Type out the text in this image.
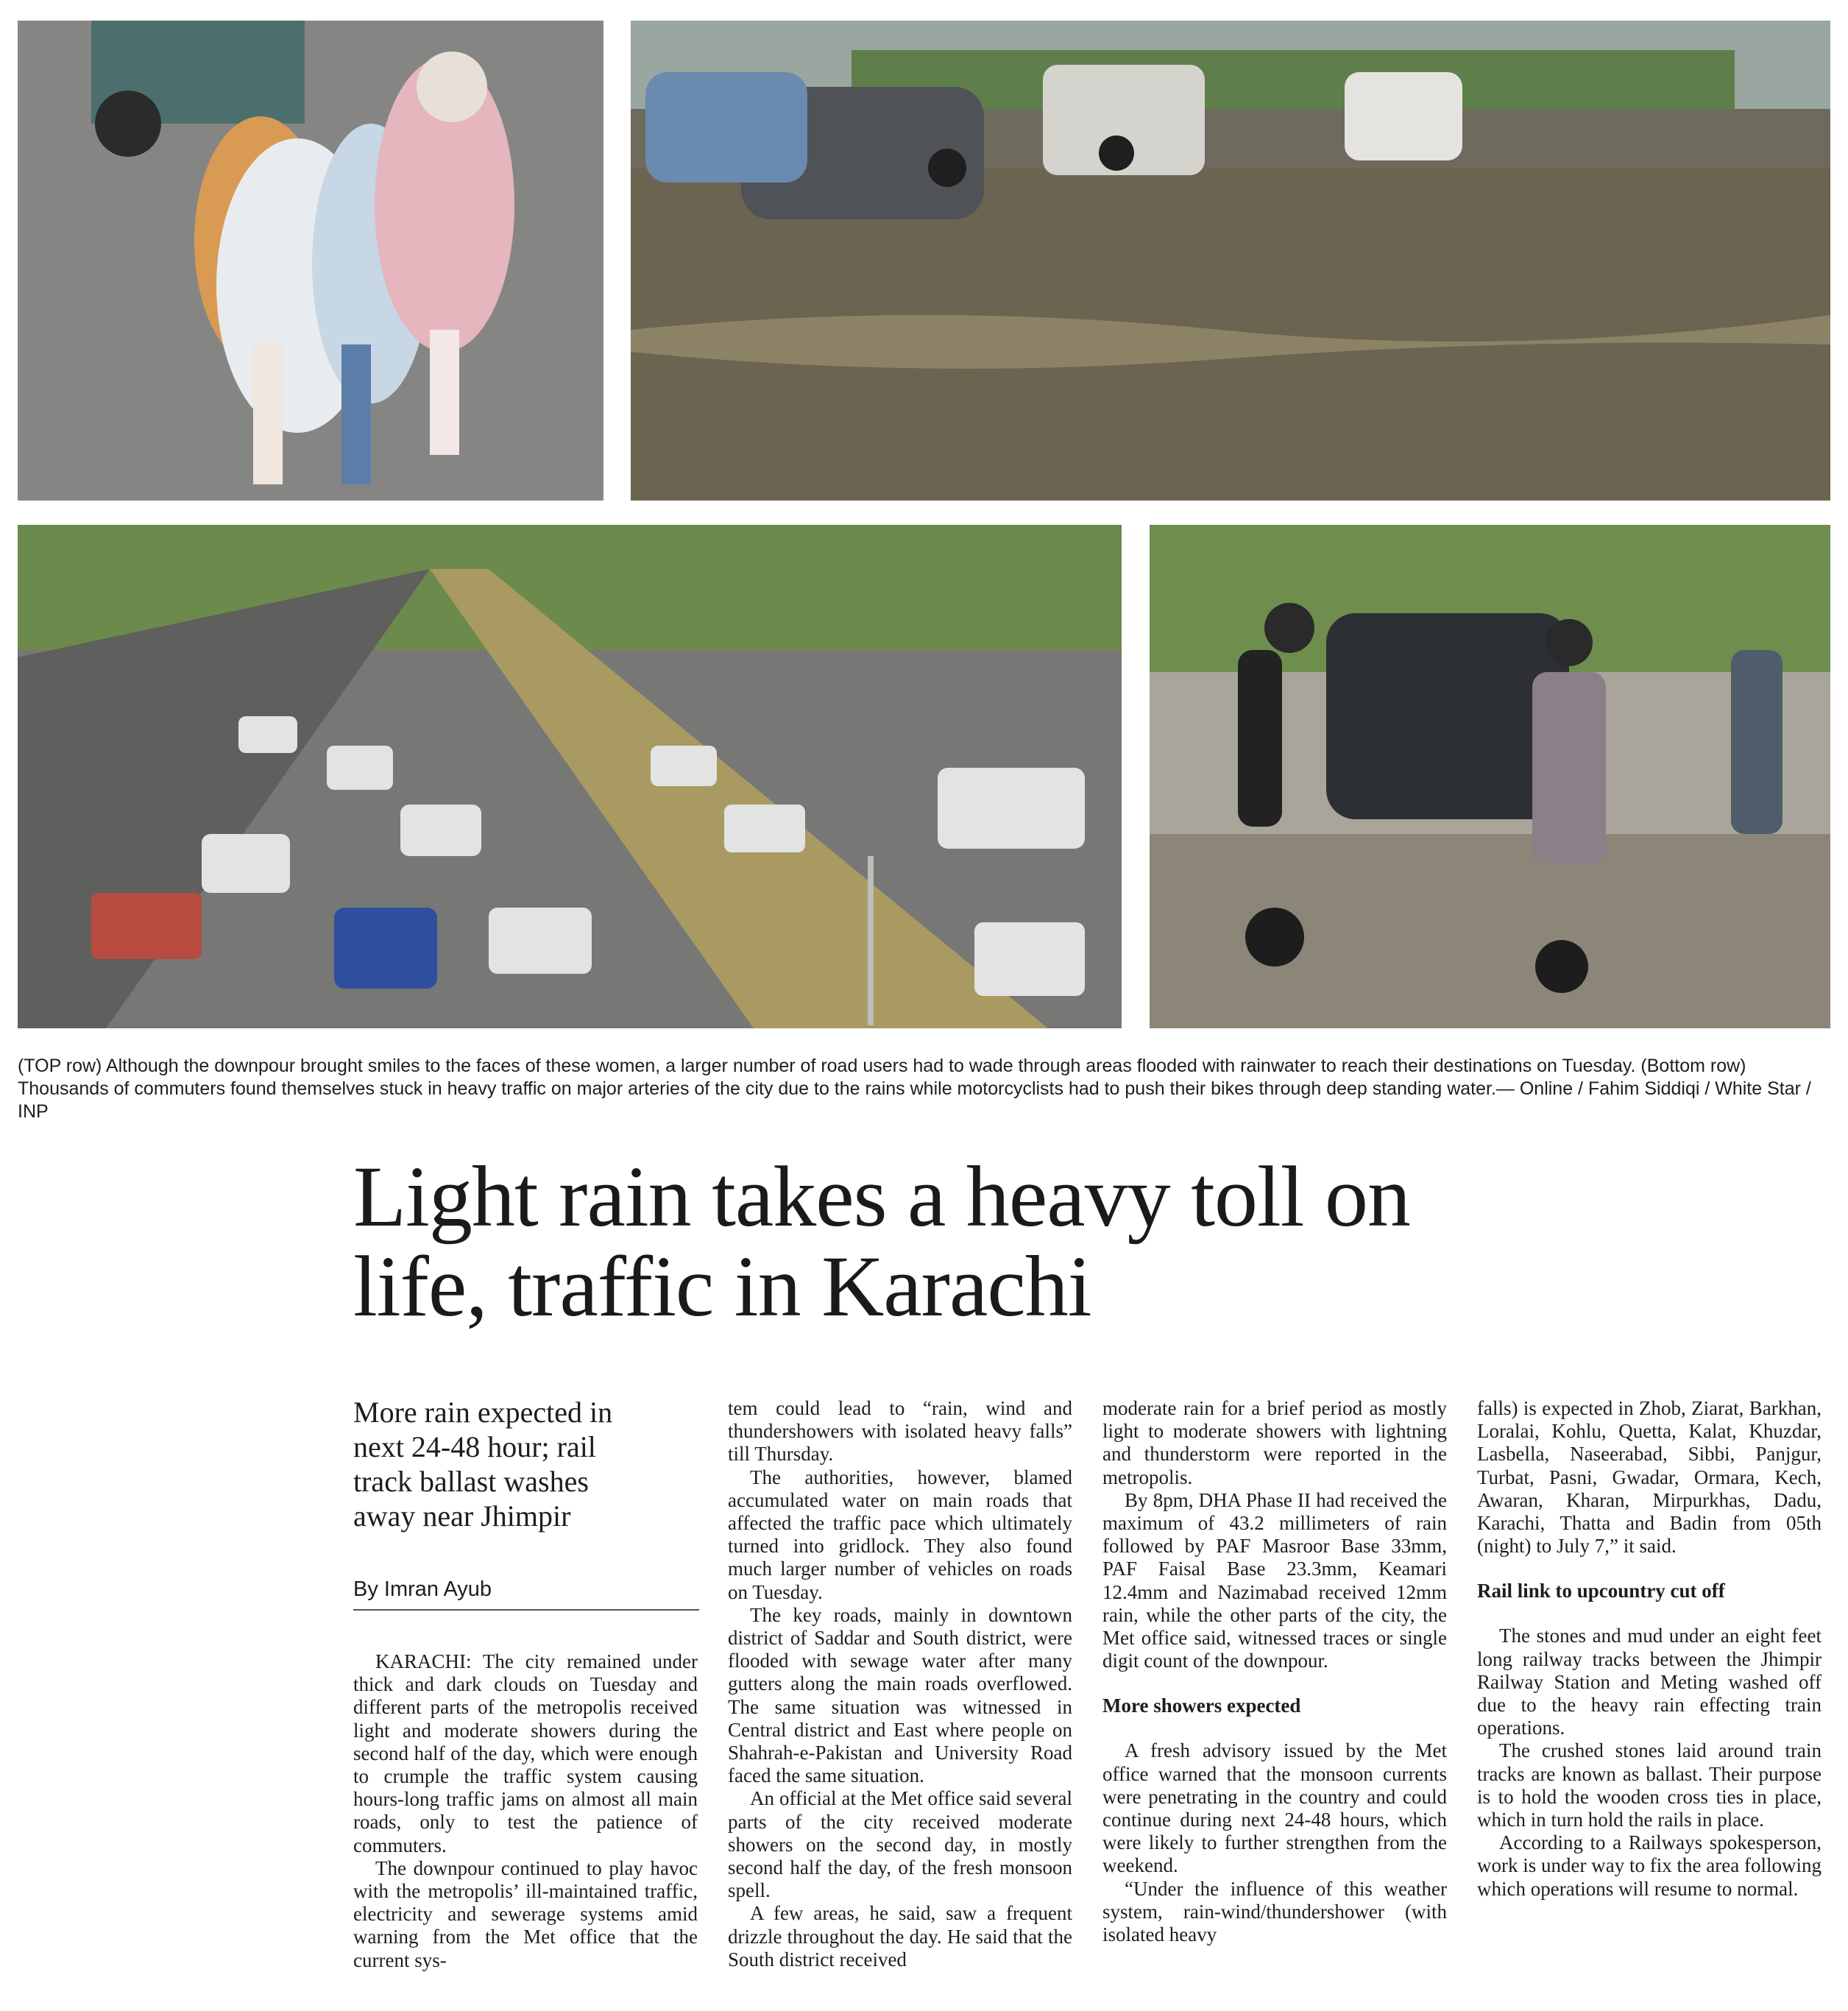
(TOP row) Although the downpour brought smiles to the faces of these women, a larger number of road users had to wade through areas flooded with rainwater to reach their destinations on Tuesday. (Bottom row) Thousands of commuters found themselves stuck in heavy traffic on major arteries of the city due to the rains while motorcyclists had to push their bikes through deep standing water.— Online / Fahim Siddiqi / White Star / INP
Light rain takes a heavy toll on
life, traffic in Karachi
More rain expected in
next 24-48 hour; rail
track ballast washes
away near Jhimpir
By Imran Ayub

KARACHI: The city remained under thick and dark clouds on Tuesday and different parts of the metropolis received light and moderate showers during the second half of the day, which were enough to crumple the traffic system causing hours-long traffic jams on almost all main roads, only to test the patience of commuters.

The downpour continued to play havoc with the metropolis’ ill-maintained traffic, electricity and sewerage systems amid warning from the Met office that the current sys-

tem could lead to “rain, wind and thundershowers with isolated heavy falls” till Thursday.

The authorities, however, blamed accumulated water on main roads that affected the traffic pace which ultimately turned into gridlock. They also found much larger number of vehicles on roads on Tuesday.

The key roads, mainly in downtown district of Saddar and South district, were flooded with sewage water after many gutters along the main roads overflowed. The same situation was witnessed in Central district and East where people on Shahrah-e-Pakistan and University Road faced the same situation.

An official at the Met office said several parts of the city received moderate showers on the second day, in mostly second half the day, of the fresh monsoon spell.

A few areas, he said, saw a frequent drizzle throughout the day. He said that the South district received

moderate rain for a brief period as mostly light to moderate showers with lightning and thunderstorm were reported in the metropolis.

By 8pm, DHA Phase II had received the maximum of 43.2 millimeters of rain followed by PAF Masroor Base 33mm, PAF Faisal Base 23.3mm, Keamari 12.4mm and Nazimabad received 12mm rain, while the other parts of the city, the Met office said, witnessed traces or single digit count of the downpour.

More showers expected

A fresh advisory issued by the Met office warned that the monsoon currents were penetrating in the country and could continue during next 24-48 hours, which were likely to further strengthen from the weekend.

“Under the influence of this weather system, rain-wind/thundershower (with isolated heavy

falls) is expected in Zhob, Ziarat, Barkhan, Loralai, Kohlu, Quetta, Kalat, Khuzdar, Lasbella, Naseerabad, Sibbi, Panjgur, Turbat, Pasni, Gwadar, Ormara, Kech, Awaran, Kharan, Mirpurkhas, Dadu, Karachi, Thatta and Badin from 05th (night) to July 7,” it said.

Rail link to upcountry cut off

The stones and mud under an eight feet long railway tracks between the Jhimpir Railway Station and Meting washed off due to the heavy rain effecting train operations.

The crushed stones laid around train tracks are known as ballast. Their purpose is to hold the wooden cross ties in place, which in turn hold the rails in place.

According to a Railways spokesperson, work is under way to fix the area following which operations will resume to normal.
